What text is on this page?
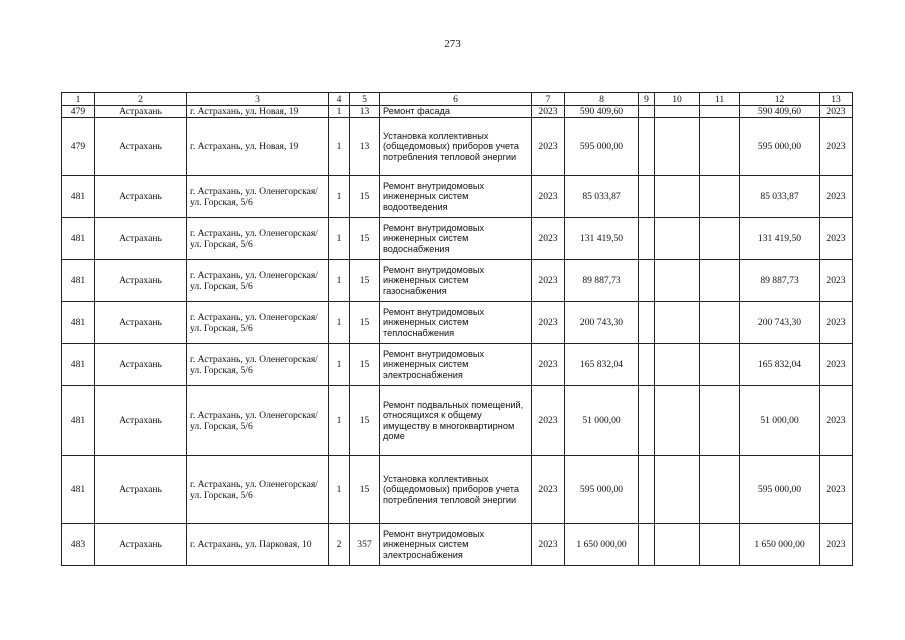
273
1	2	3	4	5	6	7	8	9	10	11	12	13
479	Астрахань	г. Астрахань, ул. Новая, 19	1	13	Ремонт фасада	2023	590 409,60				590 409,60	2023
479	Астрахань	г. Астрахань, ул. Новая, 19	1	13	Установка коллективных (общедомовых) приборов учета потребления тепловой энергии	2023	595 000,00				595 000,00	2023
481	Астрахань	г. Астрахань, ул. Оленегорская/ ул. Горская, 5/6	1	15	Ремонт внутридомовых инженерных систем водоотведения	2023	85 033,87				85 033,87	2023
481	Астрахань	г. Астрахань, ул. Оленегорская/ ул. Горская, 5/6	1	15	Ремонт внутридомовых инженерных систем водоснабжения	2023	131 419,50				131 419,50	2023
481	Астрахань	г. Астрахань, ул. Оленегорская/ ул. Горская, 5/6	1	15	Ремонт внутридомовых инженерных систем газоснабжения	2023	89 887,73				89 887,73	2023
481	Астрахань	г. Астрахань, ул. Оленегорская/ ул. Горская, 5/6	1	15	Ремонт внутридомовых инженерных систем теплоснабжения	2023	200 743,30				200 743,30	2023
481	Астрахань	г. Астрахань, ул. Оленегорская/ ул. Горская, 5/6	1	15	Ремонт внутридомовых инженерных систем электроснабжения	2023	165 832,04				165 832,04	2023
481	Астрахань	г. Астрахань, ул. Оленегорская/ ул. Горская, 5/6	1	15	Ремонт подвальных помещений, относящихся к общему имуществу в многоквартирном доме	2023	51 000,00				51 000,00	2023
481	Астрахань	г. Астрахань, ул. Оленегорская/ ул. Горская, 5/6	1	15	Установка коллективных (общедомовых) приборов учета потребления тепловой энергии	2023	595 000,00				595 000,00	2023
483	Астрахань	г. Астрахань, ул. Парковая, 10	2	357	Ремонт внутридомовых инженерных систем электроснабжения	2023	1 650 000,00				1 650 000,00	2023
